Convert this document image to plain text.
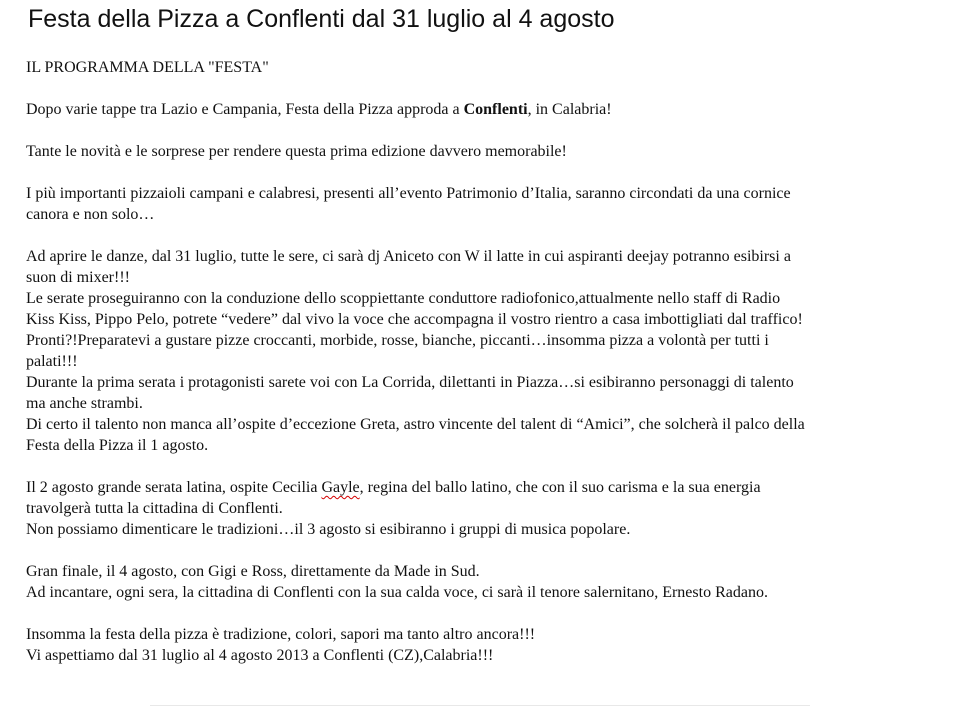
Festa della Pizza a Conflenti dal 31 luglio al 4 agosto

IL PROGRAMMA DELLA "FESTA"

Dopo varie tappe tra Lazio e Campania, Festa della Pizza approda a Conflenti, in Calabria!

Tante le novità e le sorprese per rendere questa prima edizione davvero memorabile!

I più importanti pizzaioli campani e calabresi, presenti all’evento Patrimonio d’Italia, saranno circondati da una cornice

canora e non solo…

Ad aprire le danze, dal 31 luglio, tutte le sere, ci sarà dj Aniceto con W il latte in cui aspiranti deejay potranno esibirsi a

suon di mixer!!!

Le serate proseguiranno con la conduzione dello scoppiettante conduttore radiofonico,attualmente nello staff di Radio

Kiss Kiss, Pippo Pelo, potrete “vedere” dal vivo la voce che accompagna il vostro rientro a casa imbottigliati dal traffico!

Pronti?!Preparatevi a gustare pizze croccanti, morbide, rosse, bianche, piccanti…insomma pizza a volontà per tutti i

palati!!!

Durante la prima serata i protagonisti sarete voi con La Corrida, dilettanti in Piazza…si esibiranno personaggi di talento

ma anche strambi.

Di certo il talento non manca all’ospite d’eccezione Greta, astro vincente del talent di “Amici”, che solcherà il palco della

Festa della Pizza il 1 agosto.

Il 2 agosto grande serata latina, ospite Cecilia Gayle, regina del ballo latino, che con il suo carisma e la sua energia

travolgerà tutta la cittadina di Conflenti.

Non possiamo dimenticare le tradizioni…il 3 agosto si esibiranno i gruppi di musica popolare.

Gran finale, il 4 agosto, con Gigi e Ross, direttamente da Made in Sud.

Ad incantare, ogni sera, la cittadina di Conflenti con la sua calda voce, ci sarà il tenore salernitano, Ernesto Radano.

Insomma la festa della pizza è tradizione, colori, sapori ma tanto altro ancora!!!

Vi aspettiamo dal 31 luglio al 4 agosto 2013 a Conflenti (CZ),Calabria!!!
